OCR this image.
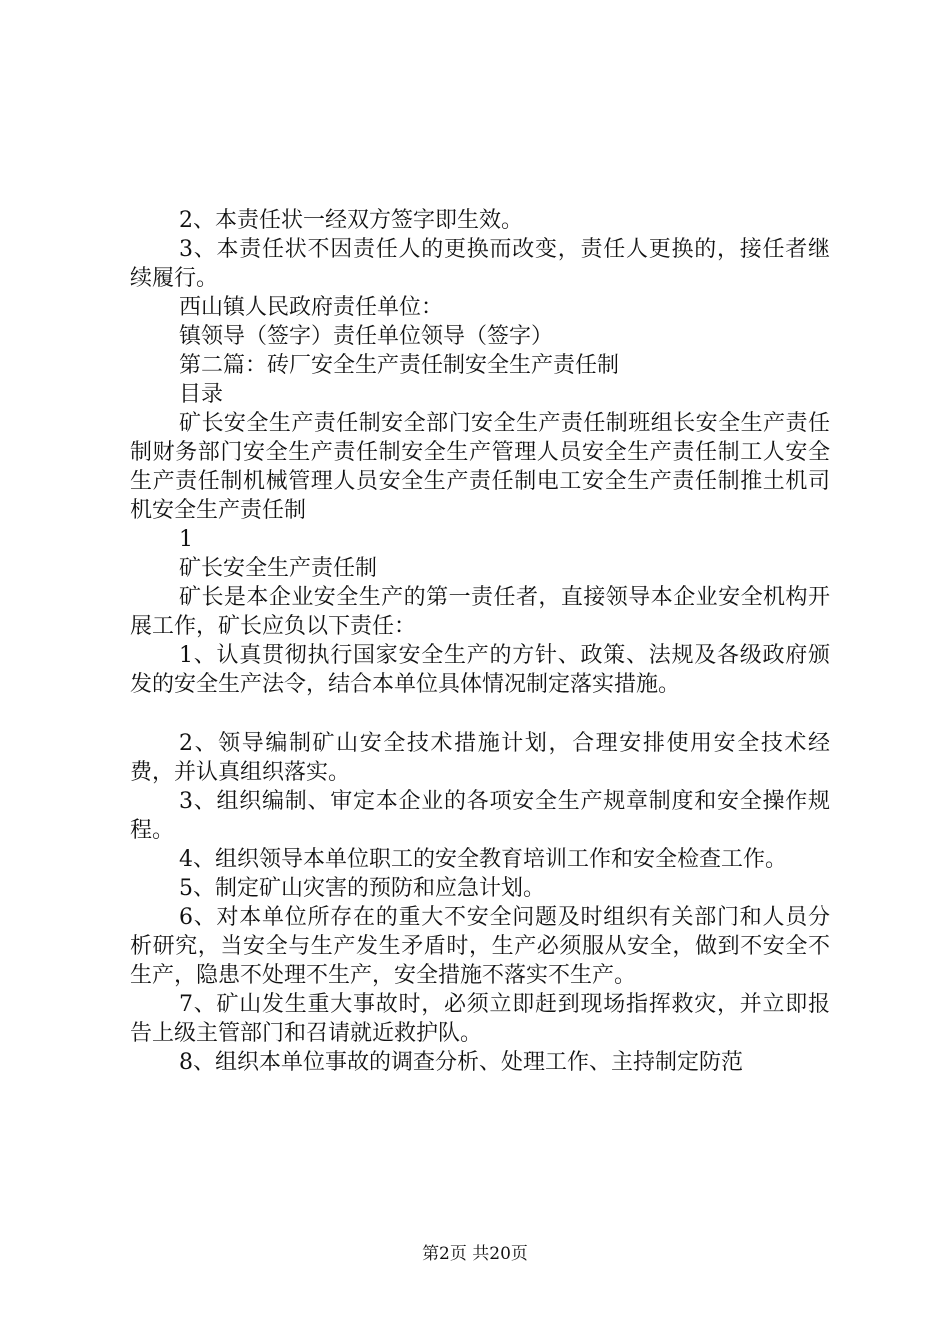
2、本责任状一经双方签字即生效。

3、本责任状不因责任人的更换而改变，责任人更换的，接任者继续履行。

西山镇人民政府责任单位：

镇领导（签字）责任单位领导（签字）

第二篇：砖厂安全生产责任制安全生产责任制

目录

矿长安全生产责任制安全部门安全生产责任制班组长安全生产责任制财务部门安全生产责任制安全生产管理人员安全生产责任制工人安全生产责任制机械管理人员安全生产责任制电工安全生产责任制推土机司机安全生产责任制

1

矿长安全生产责任制

矿长是本企业安全生产的第一责任者，直接领导本企业安全机构开展工作，矿长应负以下责任：

1、认真贯彻执行国家安全生产的方针、政策、法规及各级政府颁发的安全生产法令，结合本单位具体情况制定落实措施。

2、领导编制矿山安全技术措施计划，合理安排使用安全技术经费，并认真组织落实。

3、组织编制、审定本企业的各项安全生产规章制度和安全操作规程。

4、组织领导本单位职工的安全教育培训工作和安全检查工作。

5、制定矿山灾害的预防和应急计划。

6、对本单位所存在的重大不安全问题及时组织有关部门和人员分析研究，当安全与生产发生矛盾时，生产必须服从安全，做到不安全不生产，隐患不处理不生产，安全措施不落实不生产。

7、矿山发生重大事故时，必须立即赶到现场指挥救灾，并立即报告上级主管部门和召请就近救护队。

8、组织本单位事故的调查分析、处理工作、主持制定防范

第2页 共20页
